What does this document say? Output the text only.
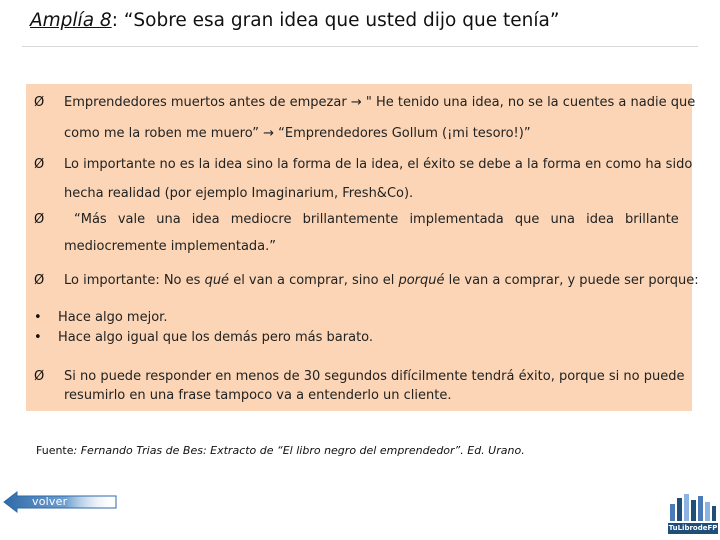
Amplía 8: “Sobre esa gran idea que usted dijo que tenía”
Ø	Emprendedores muertos antes de empezar → " He tenido una idea, no se la cuentes a nadie que
como me la roben me muero” → “Emprendedores Gollum (¡mi tesoro!)”
Ø	Lo importante no es la idea sino la forma de la idea, el éxito se debe a la forma en como ha sido
hecha realidad (por ejemplo Imaginarium, Fresh&Co).
Ø	“Más vale una idea mediocre brillantemente implementada que una idea brillante
mediocremente implementada.”
Ø	Lo importante: No es qué el van a comprar, sino el porqué le van a comprar, y puede ser porque:
• Hace algo mejor.
• Hace algo igual que los demás pero más barato.
Ø	Si no puede responder en menos de 30 segundos difícilmente tendrá éxito, porque si no puede
resumirlo en una frase tampoco va a entenderlo un cliente.
Fuente: Fernando Trias de Bes: Extracto de “El libro negro del emprendedor”. Ed. Urano.
volver
TuLibrodeFP
